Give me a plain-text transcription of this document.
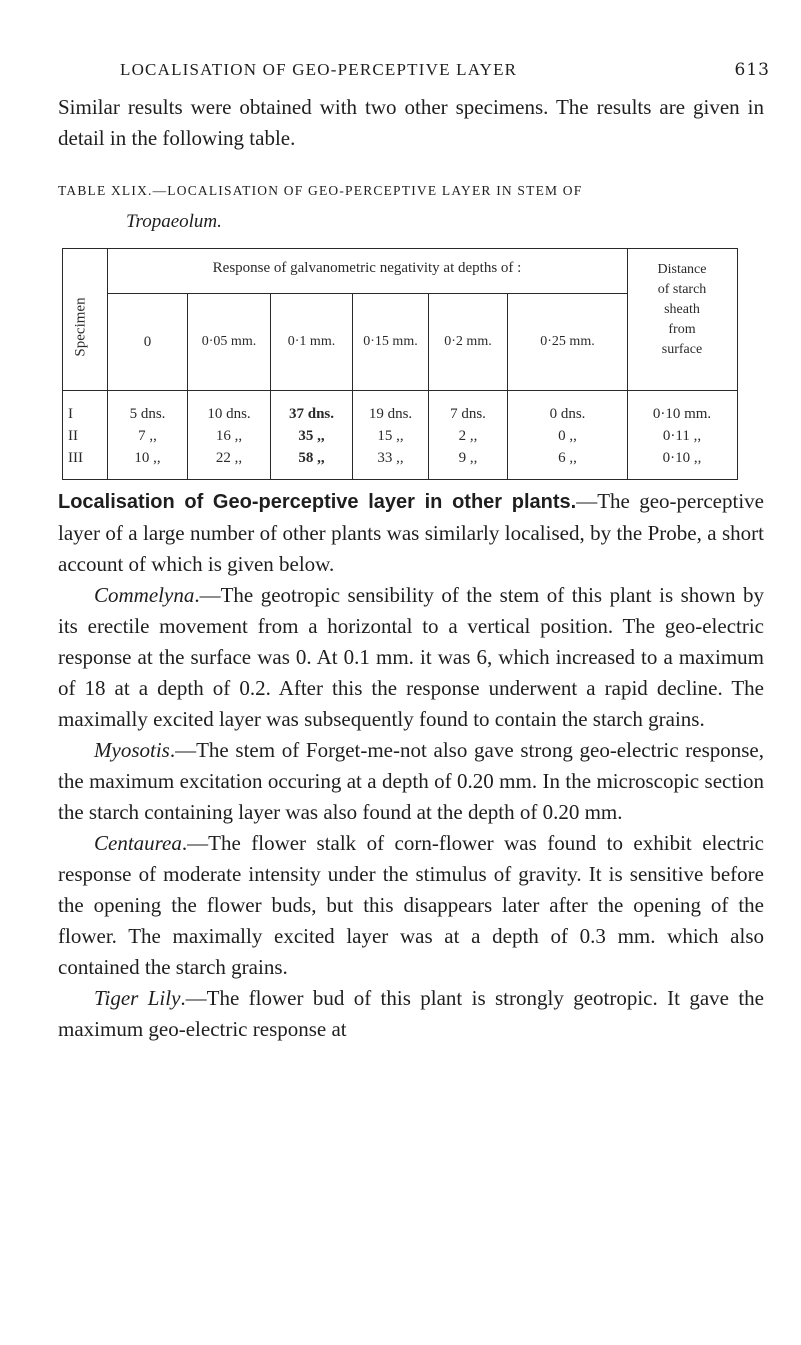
LOCALISATION OF GEO-PERCEPTIVE LAYER	613

Similar results were obtained with two other specimens. The results are given in detail in the following table.

TABLE XLIX.—LOCALISATION OF GEO-PERCEPTIVE LAYER IN STEM OF
Tropaeolum.
Specimen
Response of galvanometric negativity at depths of :	Distance
of starch
sheath
from
surface
0	0·05 mm.	0·1 mm.	0·15 mm.	0·2 mm.	0·25 mm.
I	5 dns.	10 dns.	37 dns.	19 dns.	7 dns.	0 dns.	0·10 mm.
II	7 ,,	16 ,,	35 ,,	15 ,,	2 ,,	0 ,,	0·11 ,,
III	10 ,,	22 ,,	58 ,,	33 ,,	9 ,,	6 ,,	0·10 ,,

Localisation of Geo-perceptive layer in other plants.—The geo-perceptive layer of a large number of other plants was similarly localised, by the Probe, a short account of which is given below.

Commelyna.—The geotropic sensibility of the stem of this plant is shown by its erectile movement from a horizontal to a vertical position. The geo-electric response at the surface was 0. At 0.1 mm. it was 6, which increased to a maximum of 18 at a depth of 0.2. After this the response underwent a rapid decline. The maximally excited layer was subsequently found to contain the starch grains.

Myosotis.—The stem of Forget-me-not also gave strong geo-electric response, the maximum excitation occuring at a depth of 0.20 mm. In the microscopic section the starch containing layer was also found at the depth of 0.20 mm.

Centaurea.—The flower stalk of corn-flower was found to exhibit electric response of moderate intensity under the stimulus of gravity. It is sensitive before the opening the flower buds, but this disappears later after the opening of the flower. The maximally excited layer was at a depth of 0.3 mm. which also contained the starch grains.

Tiger Lily.—The flower bud of this plant is strongly geotropic. It gave the maximum geo-electric response at
